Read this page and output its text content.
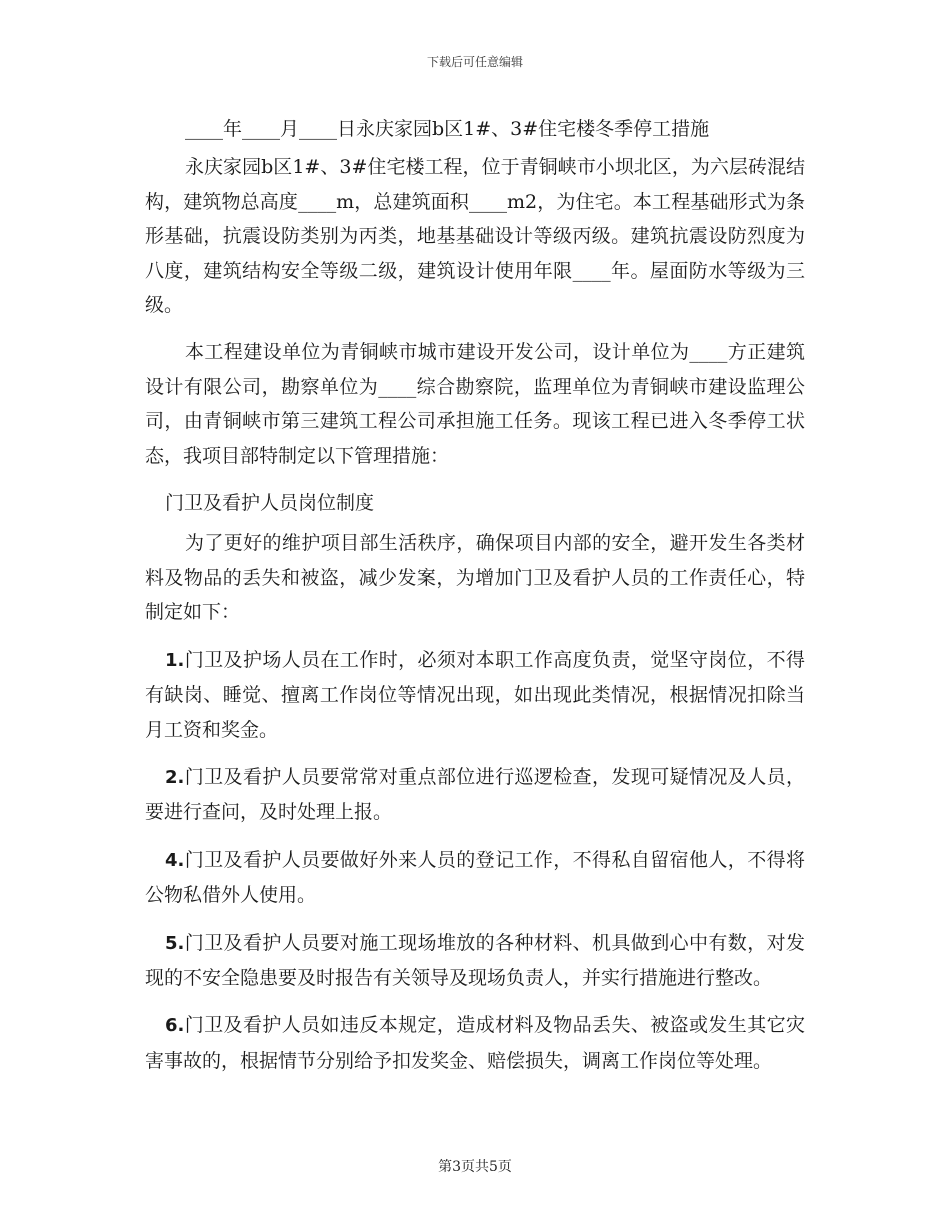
下载后可任意编辑

____年____月____日永庆家园b区1#、3#住宅楼冬季停工措施

永庆家园b区1#、3#住宅楼工程，位于青铜峡市小坝北区，为六层砖混结构，建筑物总高度____m，总建筑面积____m2，为住宅。本工程基础形式为条形基础，抗震设防类别为丙类，地基基础设计等级丙级。建筑抗震设防烈度为八度，建筑结构安全等级二级，建筑设计使用年限____年。屋面防水等级为三级。

本工程建设单位为青铜峡市城市建设开发公司，设计单位为____方正建筑设计有限公司，勘察单位为____综合勘察院，监理单位为青铜峡市建设监理公司，由青铜峡市第三建筑工程公司承担施工任务。现该工程已进入冬季停工状态，我项目部特制定以下管理措施：

门卫及看护人员岗位制度

为了更好的维护项目部生活秩序，确保项目内部的安全，避开发生各类材料及物品的丢失和被盗，减少发案，为增加门卫及看护人员的工作责任心，特制定如下：

1.门卫及护场人员在工作时，必须对本职工作高度负责，觉坚守岗位，不得有缺岗、睡觉、擅离工作岗位等情况出现，如出现此类情况，根据情况扣除当月工资和奖金。

2.门卫及看护人员要常常对重点部位进行巡逻检查，发现可疑情况及人员，要进行查问，及时处理上报。

4.门卫及看护人员要做好外来人员的登记工作，不得私自留宿他人，不得将公物私借外人使用。

5.门卫及看护人员要对施工现场堆放的各种材料、机具做到心中有数，对发现的不安全隐患要及时报告有关领导及现场负责人，并实行措施进行整改。

6.门卫及看护人员如违反本规定，造成材料及物品丢失、被盗或发生其它灾害事故的，根据情节分别给予扣发奖金、赔偿损失，调离工作岗位等处理。

第3页共5页
